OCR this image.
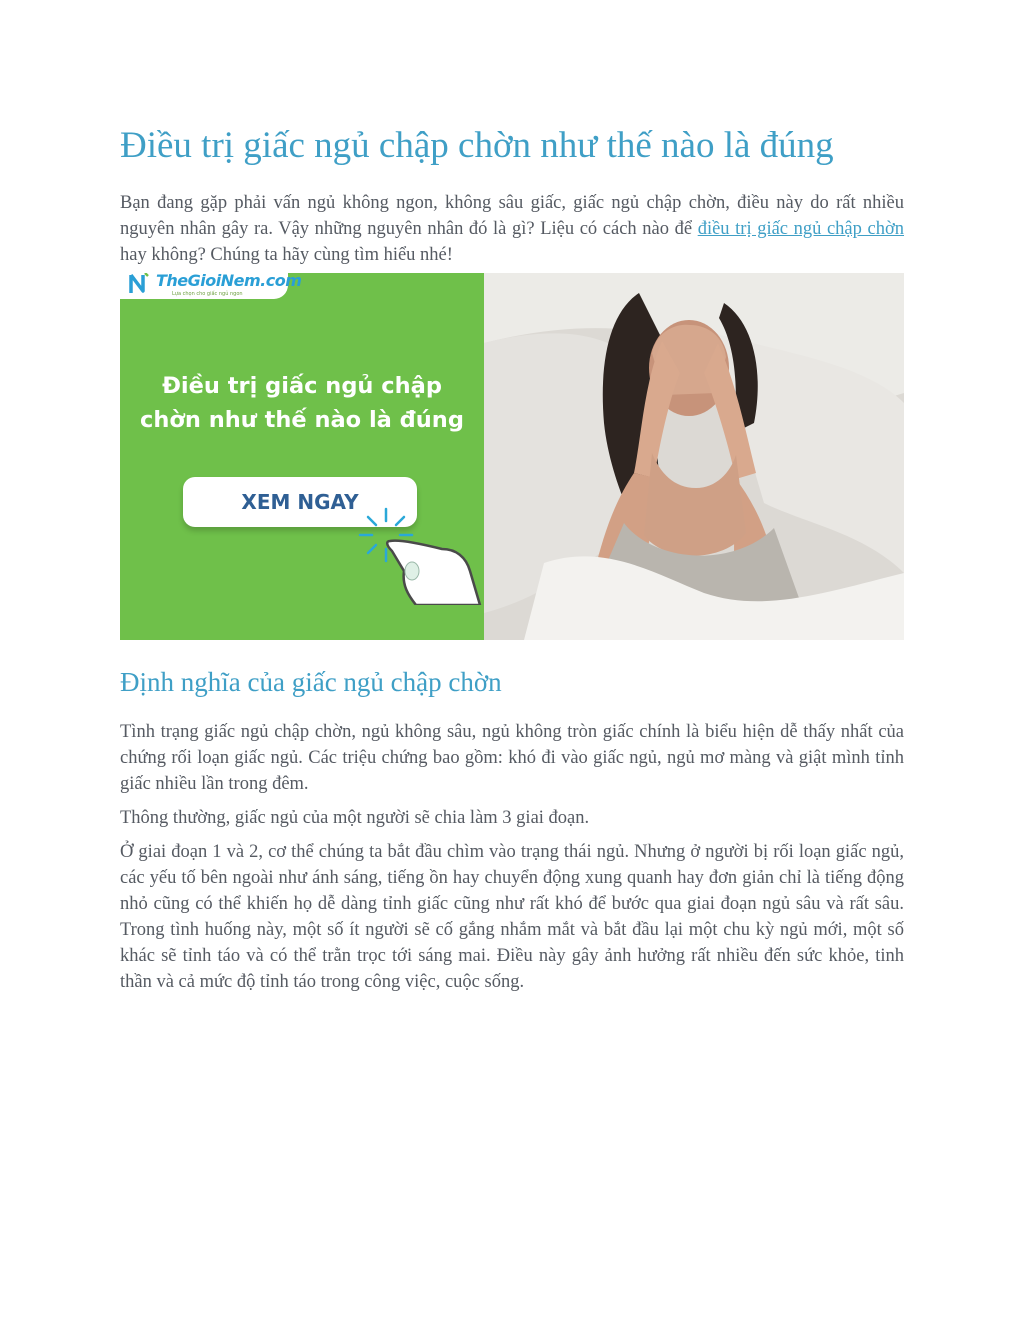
Điều trị giấc ngủ chập chờn như thế nào là đúng

Bạn đang gặp phải vấn ngủ không ngon, không sâu giấc, giấc ngủ chập chờn, điều này do rất nhiều nguyên nhân gây ra. Vậy những nguyên nhân đó là gì? Liệu có cách nào để điều trị giấc ngủ chập chờn hay không? Chúng ta hãy cùng tìm hiểu nhé!

TheGioiNem.com
Lựa chọn cho giấc ngủ ngon

Điều trị giấc ngủ chập
chờn như thế nào là đúng

XEM NGAY
Định nghĩa của giấc ngủ chập chờn

Tình trạng giấc ngủ chập chờn, ngủ không sâu, ngủ không tròn giấc chính là biểu hiện dễ thấy nhất của chứng rối loạn giấc ngủ. Các triệu chứng bao gồm: khó đi vào giấc ngủ, ngủ mơ màng và giật mình tỉnh giấc nhiều lần trong đêm.

Thông thường, giấc ngủ của một người sẽ chia làm 3 giai đoạn.

Ở giai đoạn 1 và 2, cơ thể chúng ta bắt đầu chìm vào trạng thái ngủ. Nhưng ở người bị rối loạn giấc ngủ, các yếu tố bên ngoài như ánh sáng, tiếng ồn hay chuyển động xung quanh hay đơn giản chỉ là tiếng động nhỏ cũng có thể khiến họ dễ dàng tỉnh giấc cũng như rất khó để bước qua giai đoạn ngủ sâu và rất sâu. Trong tình huống này, một số ít người sẽ cố gắng nhắm mắt và bắt đầu lại một chu kỳ ngủ mới, một số khác sẽ tỉnh táo và có thể trằn trọc tới sáng mai. Điều này gây ảnh hưởng rất nhiều đến sức khỏe, tinh thần và cả mức độ tỉnh táo trong công việc, cuộc sống.
